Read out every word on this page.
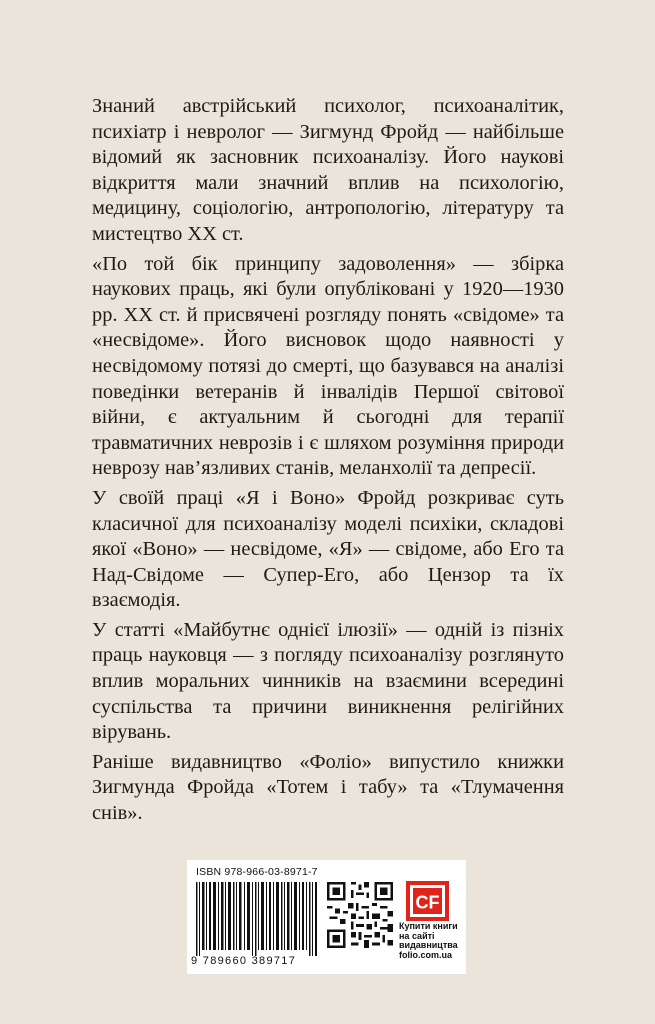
Знаний австрійський психолог, психоаналітик, психіатр і невролог — Зигмунд Фройд — найбільше відомий як засновник психоаналізу. Його наукові відкриття мали значний вплив на психологію, медицину, соціологію, антропологію, літературу та мистецтво XX ст.

«По той бік принципу задоволення» — збірка наукових праць, які були опубліковані у 1920—1930 рр. XX ст. й присвячені розгляду понять «свідоме» та «несвідоме». Його висновок щодо наявності у несвідомому потязі до смерті, що базувався на аналізі поведінки ветеранів й інвалідів Першої світової війни, є актуальним й сьогодні для терапії травматичних неврозів і є шляхом розуміння природи неврозу нав’язливих станів, меланхолії та депресії.

У своїй праці «Я і Воно» Фройд розкриває суть класичної для психоаналізу моделі психіки, складові якої «Воно» — несвідоме, «Я» — свідоме, або Его та Над-Свідоме — Супер-Его, або Цензор та їх взаємодія.

У статті «Майбутнє однієї ілюзії» — одній із пізніх праць науковця — з погляду психоаналізу розглянуто вплив моральних чинників на взаємини всередині суспільства та причини виникнення релігійних вірувань.

Раніше видавництво «Фоліо» випустило книжки Зигмунда Фройда «Тотем і табу» та «Тлумачення снів».

ISBN 978-966-03-8971-7
9 789660 389717
CF
Купити книги
на сайті
видавництва
folio.com.ua
